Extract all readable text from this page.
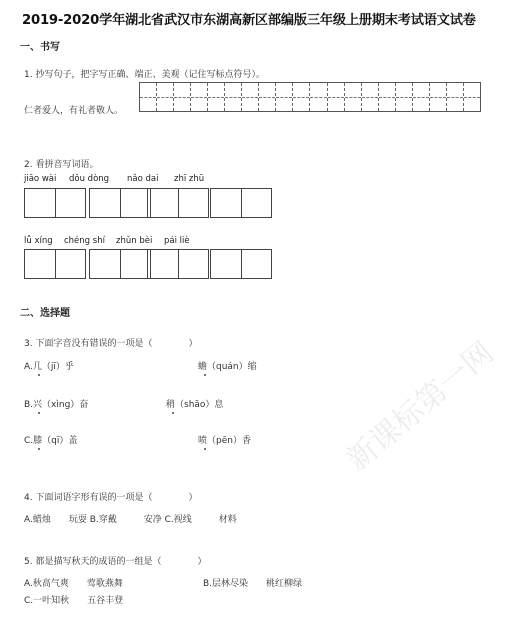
2019-2020学年湖北省武汉市东湖高新区部编版三年级上册期末考试语文试卷
一、书写
1. 抄写句子，把字写正确、端正、美观（记住写标点符号）。
仁者爱人，有礼者敬人。
2. 看拼音写词语。
jiāo wài dǒu dòng nǎo dai zhī zhū
lǚ xíng chéng shí zhǔn bèi pái liè
二、选择题
3. 下面字音没有错误的一项是（　　　　）
A.几（jī）乎	蟾（quán）缩
B.兴（xìng）奋	稍（shāo）息
C.膝（qī）盖	喷（pēn）香
4. 下面词语字形有误的一项是（　　　　）
A.蜡烛　　玩耍 B.穿戴　　　安净 C.视线　　　材料
5. 都是描写秋天的成语的一组是（　　　　）
A.秋高气爽　　莺歌燕舞	B.层林尽染　　桃红柳绿
C.一叶知秋　　五谷丰登
新课标第一网
